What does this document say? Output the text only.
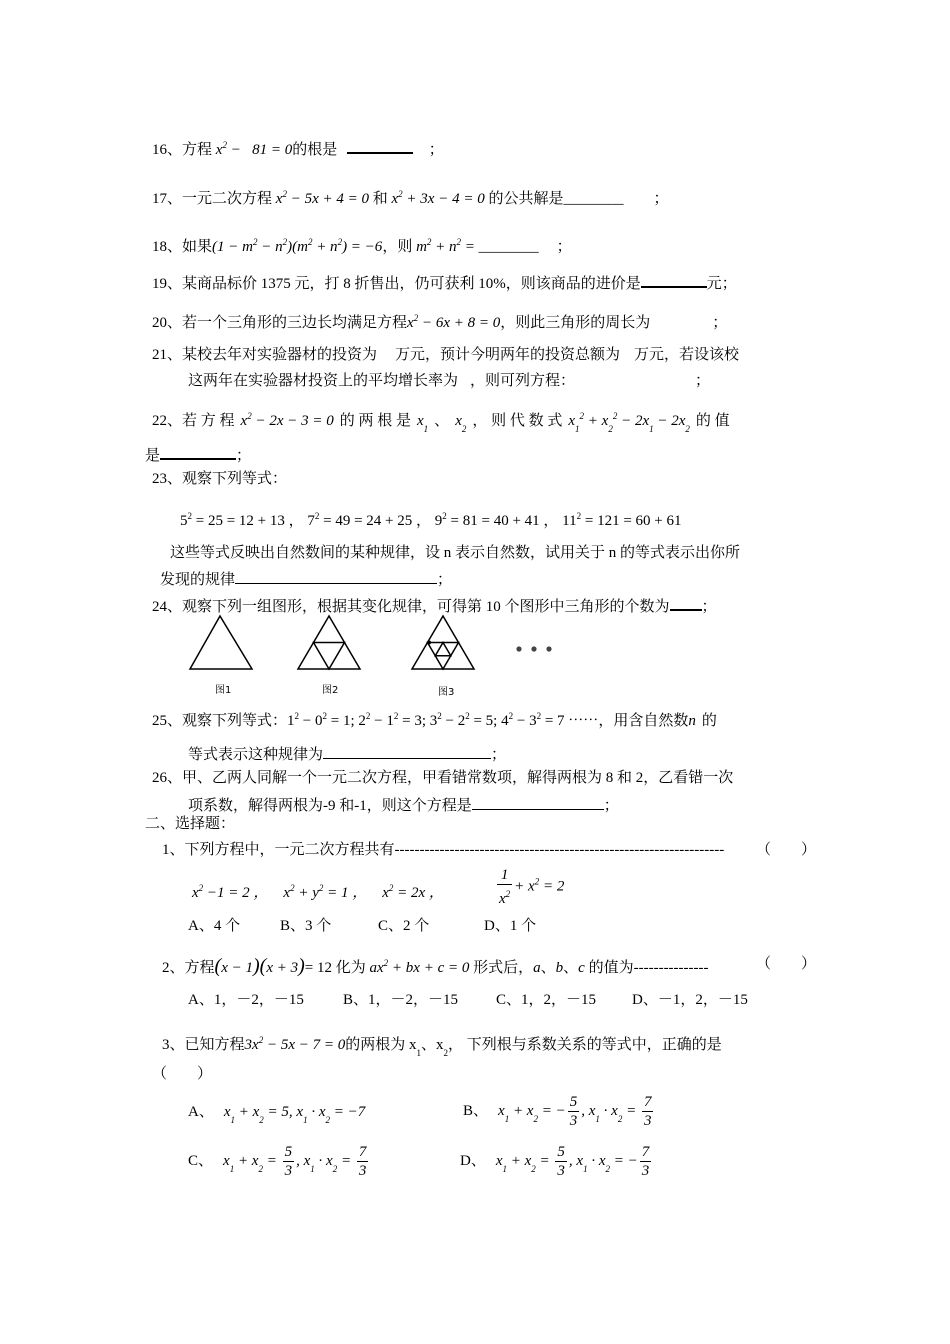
16、方程 $x^2 - 81 = 0$的根是	；
17、一元二次方程 $x^2 - 5x + 4 = 0$ 和 $x^2 + 3x - 4 = 0$ 的公共解是________ ；
18、如果$(1 - m^2 - n^2)(m^2 + n^2) = -6$，则 $m^2 + n^2$ = ________ ；
19、某商品标价 1375 元，打 8 折售出，仍可获利 10%，则该商品的进价是	元；
20、若一个三角形的三边长均满足方程$x^2 - 6x + 8 = 0$，则此三角形的周长为	；
21、某校去年对实验器材的投资为 万元，预计今明两年的投资总额为 万元，若设该校
这两年在实验器材投资上的平均增长率为 ，则可列方程：	；
22、若 方 程 $x^2 - 2x - 3 = 0$ 的 两 根 是 $x_1$ 、 $x_2$ ， 则 代 数 式 $x_1^2 + x_2^2 - 2x_1 - 2x_2$ 的 值
是	；
23、观察下列等式：
$5^2 = 25 = 12 + 13$ ， $7^2 = 49 = 24 + 25$ ， $9^2 = 81 = 40 + 41$ ， $11^2 = 121 = 60 + 61$
这些等式反映出自然数间的某种规律，设 n 表示自然数，试用关于 n 的等式表示出你所
发现的规律	；
24、观察下列一组图形，根据其变化规律，可得第 10 个图形中三角形的个数为 ；
图1	图2	图3
25、观察下列等式：$1^2 - 0^2 = 1$; $2^2 - 1^2 = 3$; $3^2 - 2^2 = 5$; $4^2 - 3^2 = 7$ ⋯⋯，用含自然数n 的
等式表示这种规律为	；
26、甲、乙两人同解一个一元二次方程，甲看错常数项，解得两根为 8 和 2，乙看错一次
项系数，解得两根为-9 和-1，则这个方程是	；
二、选择题：
1、下列方程中，一元二次方程共有------------------------------------------------------------------ （　　）
$x^2 -1 = 2$ ，    $x^2 + y^2 = 1$ ，    $x^2 = 2x$ ，	$\frac{1}{x^2} + x^2 = 2$
A、4 个	B、3 个	C、2 个	D、1 个
2、方程(x − 1)(x + 3)= 12 化为 $ax^2$ + bx + c = 0 形式后，a、b、c 的值为---------------	（　　）
A、1，－2，－15	B、1，－2，－15	C、1，2，－15 D、－1，2，－15
3、已知方程$3x^2 - 5x - 7 = 0$的两根为 $x_1$、$x_2$， 下列根与系数关系的等式中，正确的是
（　　）
A、 $x_1 + x_2 = 5$, $x_1 \cdot x_2 = -7$	B、 $x_1 + x_2$ = − $\frac{5}{3}$ , $x_1 \cdot x_2 = \frac{7}{3}$
C、 $x_1 + x_2 = \frac{5}{3}$ , $x_1 \cdot x_2 = \frac{7}{3}$	D、 $x_1 + x_2 = \frac{5}{3}$ , $x_1 \cdot x_2$ = − $\frac{7}{3}$
